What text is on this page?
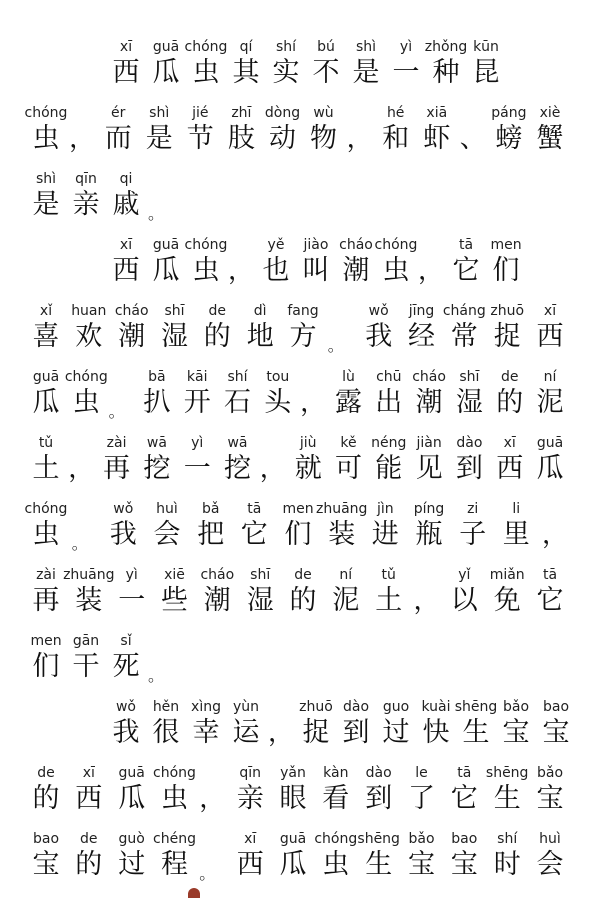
xī
西
guā
瓜
chóng
虫
qí
其
shí
实
bú
不
shì
是
yì
一
zhǒng
种
kūn
昆
chóng
虫 ，
ér
而
shì
是
jié
节
zhī
肢
dòng
动
wù
物 ，
hé
和
xiā
虾 、
páng
螃
xiè
蟹
shì
是
qīn
亲
qi
戚 。
xī
西
guā
瓜
chóng
虫 ，
yě
也
jiào
叫
cháo
潮
chóng
虫 ，
tā
它
men
们
xǐ
喜
huan
欢
cháo
潮
shī
湿
de
的
dì
地
fang
方 。
wǒ
我
jīng
经
cháng
常
zhuō
捉
xī
西
guā
瓜
chóng
虫 。
bā
扒
kāi
开
shí
石
tou
头 ，
lù
露
chū
出
cháo
潮
shī
湿
de
的
ní
泥
tǔ
土 ，
zài
再
wā
挖
yì
一
wā
挖 ，
jiù
就
kě
可
néng
能
jiàn
见
dào
到
xī
西
guā
瓜
chóng
虫 。
wǒ
我
huì
会
bǎ
把
tā
它
men
们
zhuāng
装
jìn
进
píng
瓶
zi
子
li
里 ，
zài
再
zhuāng
装
yì
一
xiē
些
cháo
潮
shī
湿
de
的
ní
泥
tǔ
土 ，
yǐ
以
miǎn
免
tā
它
men
们
gān
干
sǐ
死 。
wǒ
我
hěn
很
xìng
幸
yùn
运 ，
zhuō
捉
dào
到
guo
过
kuài
快
shēng
生
bǎo
宝
bao
宝
de
的
xī
西
guā
瓜
chóng
虫 ，
qīn
亲
yǎn
眼
kàn
看
dào
到
le
了
tā
它
shēng
生
bǎo
宝
bao
宝
de
的
guò
过
chéng
程 。
xī
西
guā
瓜
chóng
虫
shēng
生
bǎo
宝
bao
宝
shí
时
huì
会
